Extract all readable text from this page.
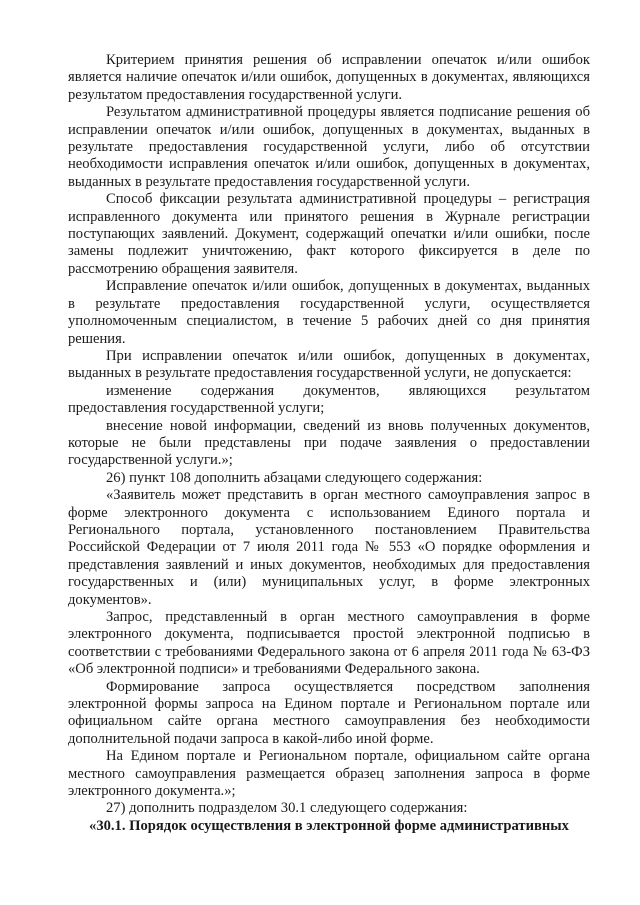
Критерием принятия решения об исправлении опечаток и/или ошибок является наличие опечаток и/или ошибок, допущенных в документах, являющихся результатом предоставления государственной услуги.

Результатом административной процедуры является подписание решения об исправлении опечаток и/или ошибок, допущенных в документах, выданных в результате предоставления государственной услуги, либо об отсутствии необходимости исправления опечаток и/или ошибок, допущенных в документах, выданных в результате предоставления государственной услуги.

Способ фиксации результата административной процедуры – регистрация исправленного документа или принятого решения в Журнале регистрации поступающих заявлений. Документ, содержащий опечатки и/или ошибки, после замены подлежит уничтожению, факт которого фиксируется в деле по рассмотрению обращения заявителя.

Исправление опечаток и/или ошибок, допущенных в документах, выданных в результате предоставления государственной услуги, осуществляется уполномоченным специалистом, в течение 5 рабочих дней со дня принятия решения.

При исправлении опечаток и/или ошибок, допущенных в документах, выданных в результате предоставления государственной услуги, не допускается:

изменение содержания документов, являющихся результатом предоставления государственной услуги;

внесение новой информации, сведений из вновь полученных документов, которые не были представлены при подаче заявления о предоставлении государственной услуги.»;

26) пункт 108 дополнить абзацами следующего содержания:

«Заявитель может представить в орган местного самоуправления запрос в форме электронного документа с использованием Единого портала и Регионального портала, установленного постановлением Правительства Российской Федерации от 7 июля 2011 года № 553 «О порядке оформления и представления заявлений и иных документов, необходимых для предоставления государственных и (или) муниципальных услуг, в форме электронных документов».

Запрос, представленный в орган местного самоуправления в форме электронного документа, подписывается простой электронной подписью в соответствии с требованиями Федерального закона от 6 апреля 2011 года № 63-ФЗ «Об электронной подписи» и требованиями Федерального закона.

Формирование запроса осуществляется посредством заполнения электронной формы запроса на Едином портале и Региональном портале или официальном сайте органа местного самоуправления без необходимости дополнительной подачи запроса в какой-либо иной форме.

На Едином портале и Региональном портале, официальном сайте органа местного самоуправления размещается образец заполнения запроса в форме электронного документа.»;

27) дополнить подразделом 30.1 следующего содержания:

«30.1. Порядок осуществления в электронной форме административных
